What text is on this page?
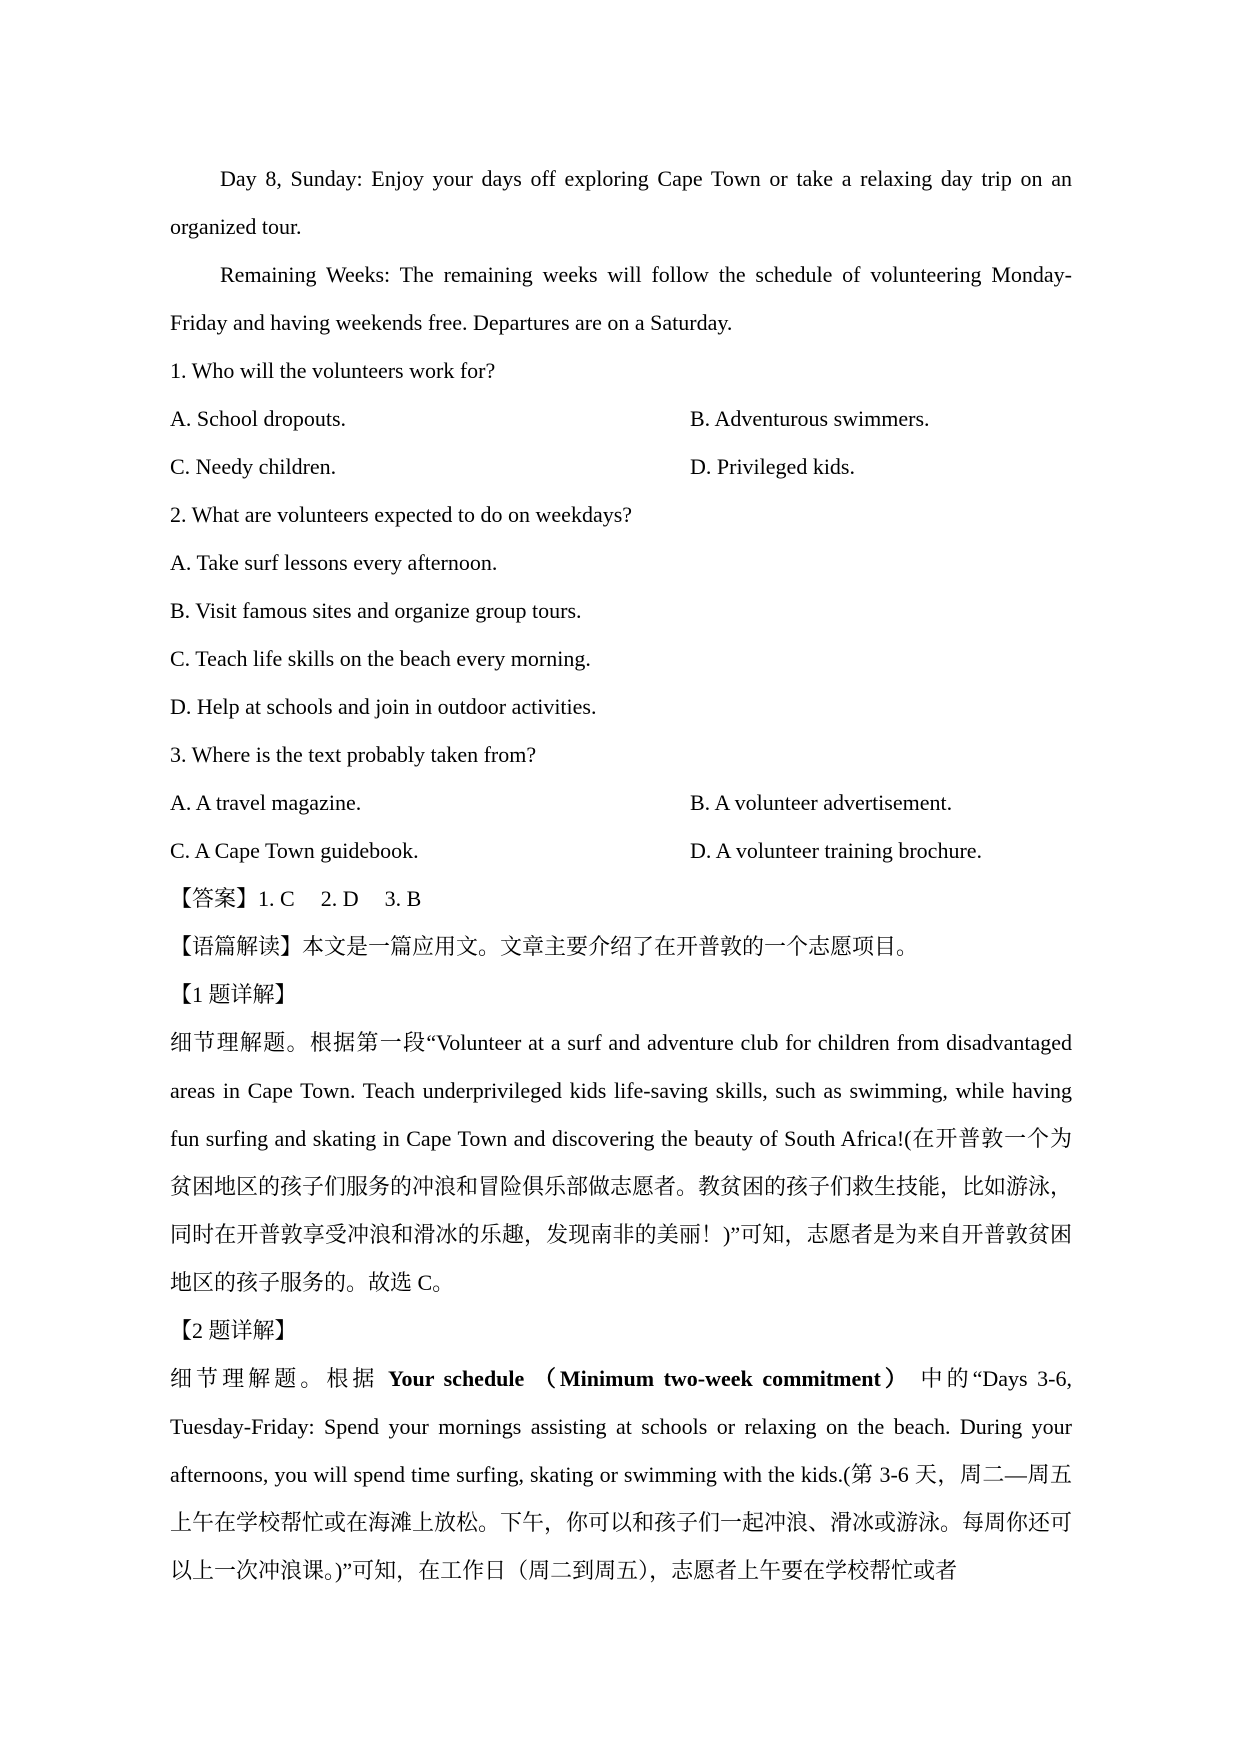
Day 8, Sunday: Enjoy your days off exploring Cape Town or take a relaxing day trip on an organized tour.

Remaining Weeks: The remaining weeks will follow the schedule of volunteering Monday-Friday and having weekends free. Departures are on a Saturday.

1. Who will the volunteers work for?

A. School dropouts.	B. Adventurous swimmers.
C. Needy children.	D. Privileged kids.

2. What are volunteers expected to do on weekdays?

A. Take surf lessons every afternoon.

B. Visit famous sites and organize group tours.

C. Teach life skills on the beach every morning.

D. Help at schools and join in outdoor activities.

3. Where is the text probably taken from?

A. A travel magazine.	B. A volunteer advertisement.
C. A Cape Town guidebook.	D. A volunteer training brochure.

【答案】1. C 2. D 3. B

【语篇解读】本文是一篇应用文。文章主要介绍了在开普敦的一个志愿项目。

【1 题详解】

细节理解题。根据第一段“Volunteer at a surf and adventure club for children from disadvantaged areas in Cape Town. Teach underprivileged kids life-saving skills, such as swimming, while having fun surfing and skating in Cape Town and discovering the beauty of South Africa!(在开普敦一个为贫困地区的孩子们服务的冲浪和冒险俱乐部做志愿者。教贫困的孩子们救生技能，比如游泳，同时在开普敦享受冲浪和滑冰的乐趣，发现南非的美丽！)”可知，志愿者是为来自开普敦贫困地区的孩子服务的。故选 C。

【2 题详解】

细节理解题。根据 Your schedule （Minimum two-week commitment） 中的“Days 3-6, Tuesday-Friday: Spend your mornings assisting at schools or relaxing on the beach. During your afternoons, you will spend time surfing, skating or swimming with the kids.(第 3-6 天，周二—周五上午在学校帮忙或在海滩上放松。下午，你可以和孩子们一起冲浪、滑冰或游泳。每周你还可以上一次冲浪课。)”可知，在工作日（周二到周五），志愿者上午要在学校帮忙或者
